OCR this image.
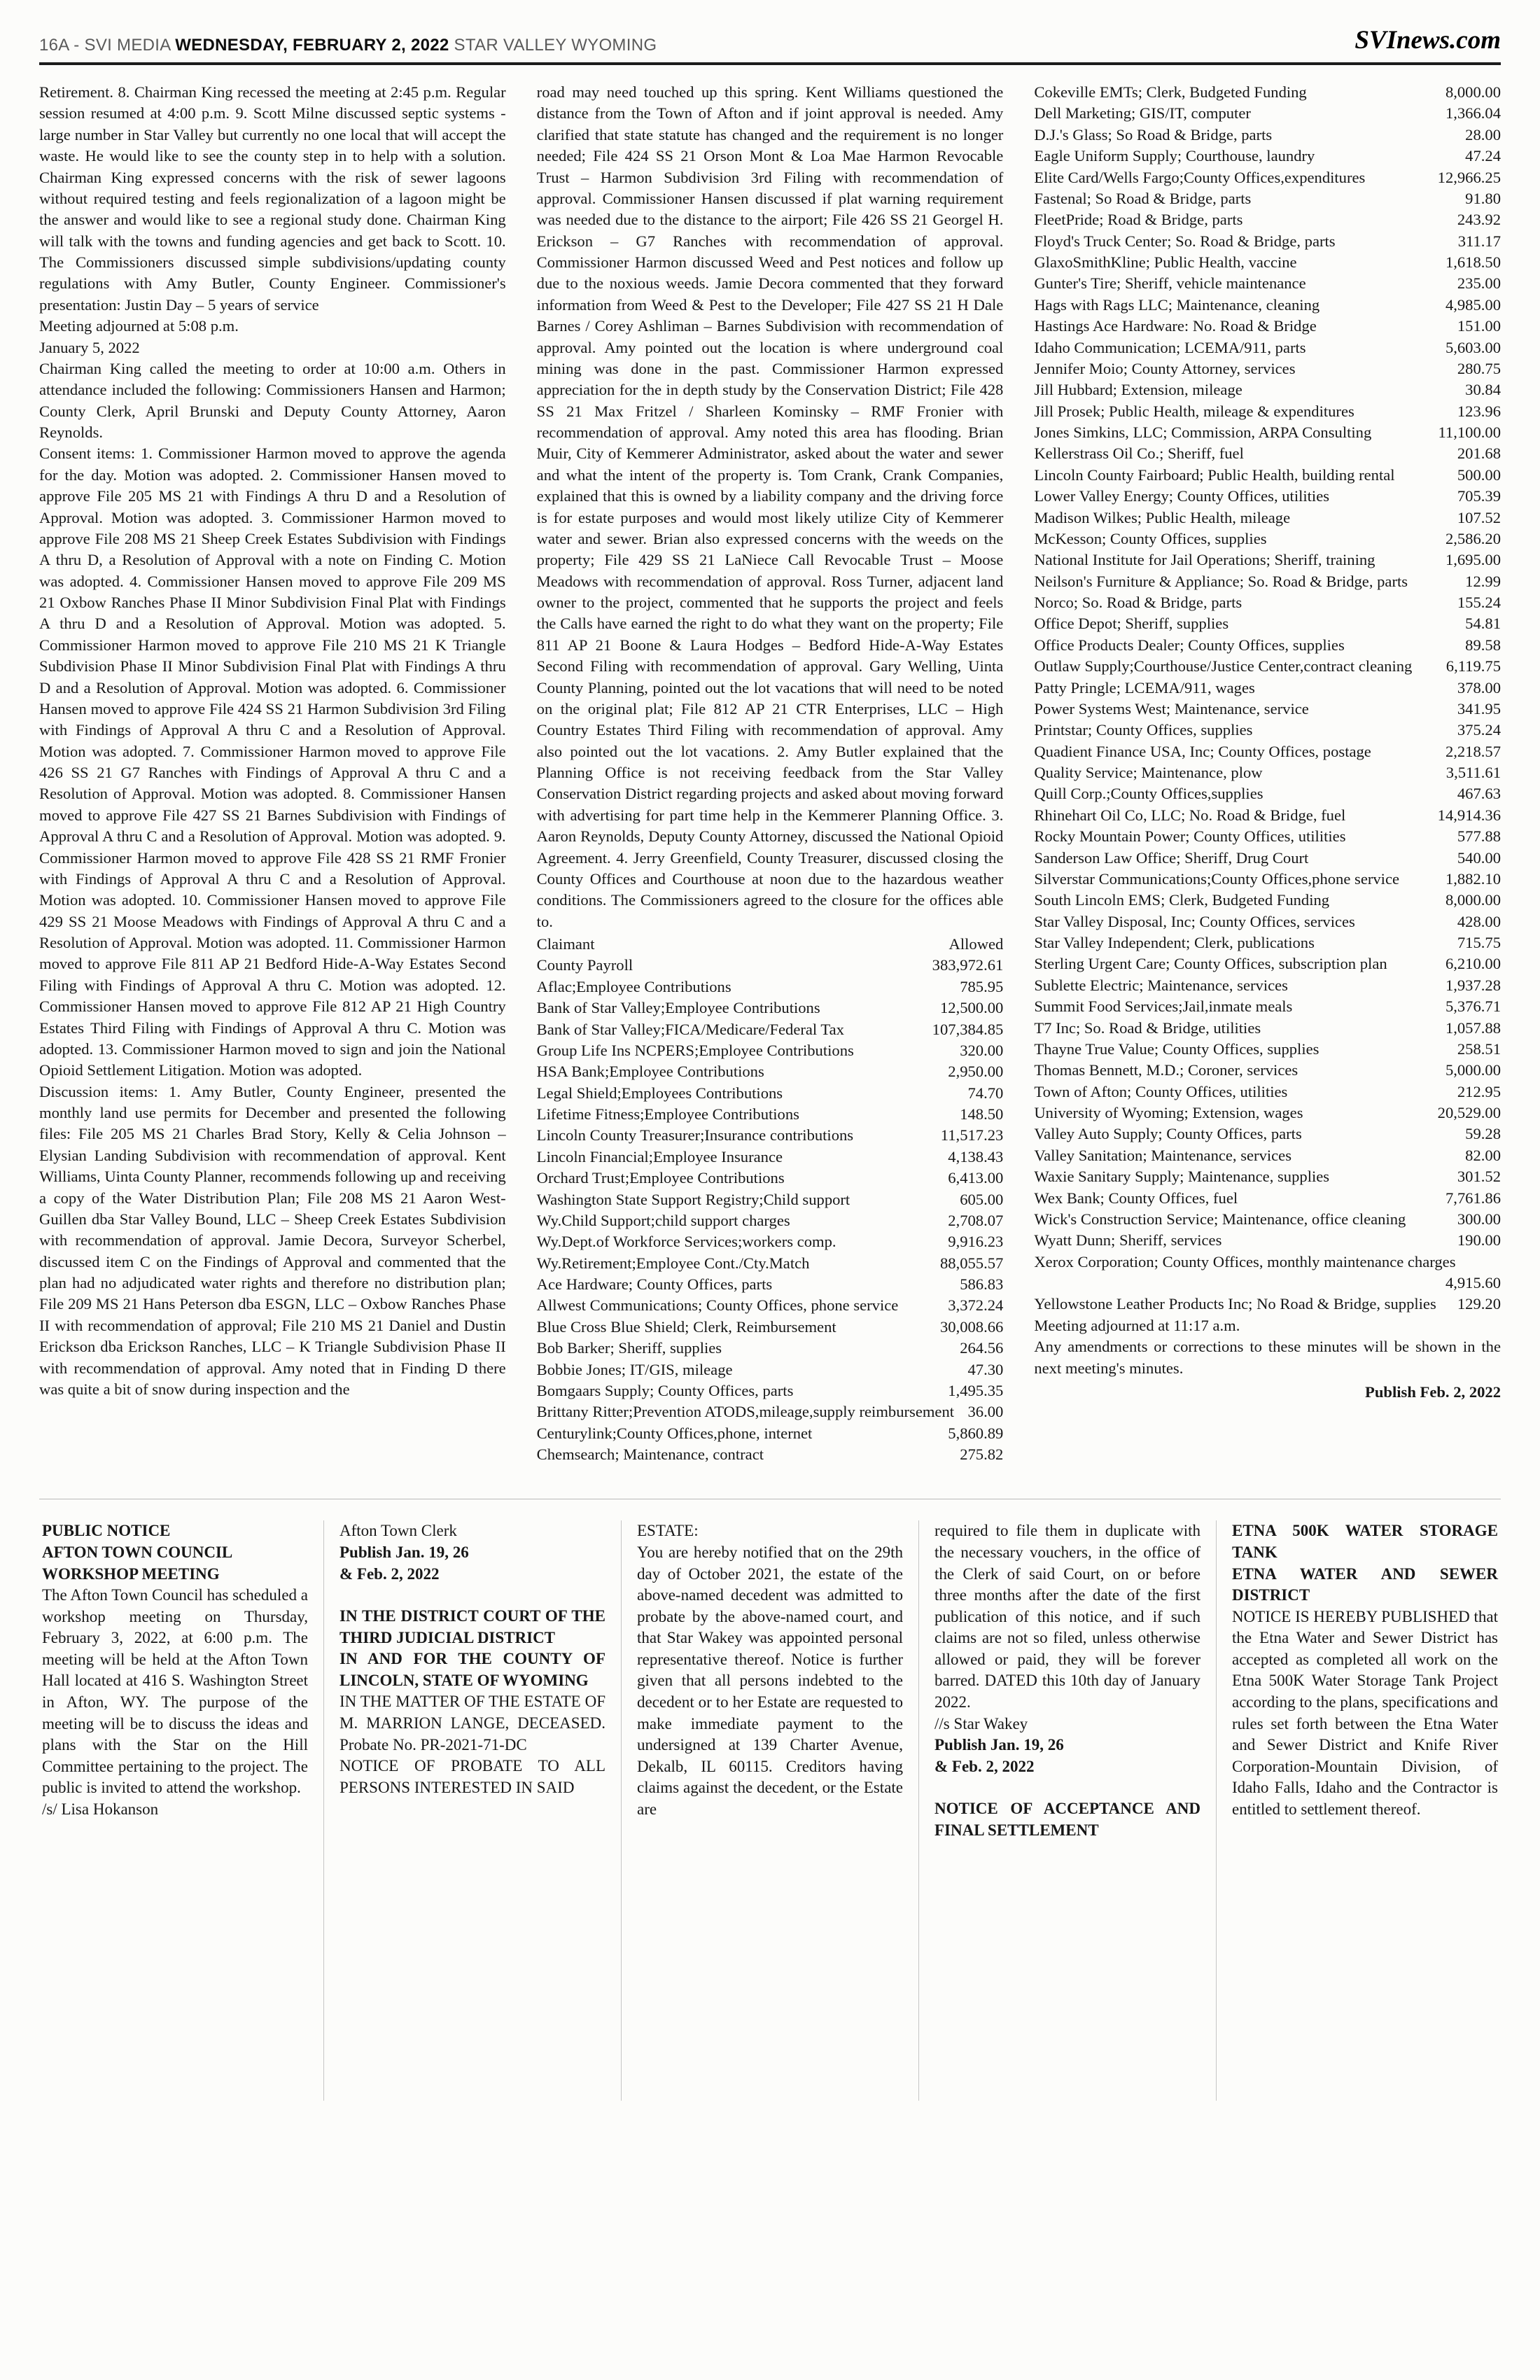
16A - SVI MEDIA WEDNESDAY, FEBRUARY 2, 2022 STAR VALLEY WYOMING	SVInews.com

Retirement. 8. Chairman King recessed the meeting at 2:45 p.m. Regular session resumed at 4:00 p.m. 9. Scott Milne discussed septic systems - large number in Star Valley but currently no one local that will accept the waste. He would like to see the county step in to help with a solution. Chairman King expressed concerns with the risk of sewer lagoons without required testing and feels regionalization of a lagoon might be the answer and would like to see a regional study done. Chairman King will talk with the towns and funding agencies and get back to Scott. 10. The Commissioners discussed simple subdivisions/updating county regulations with Amy Butler, County Engineer. Commissioner's presentation: Justin Day – 5 years of service

Meeting adjourned at 5:08 p.m.

January 5, 2022

Chairman King called the meeting to order at 10:00 a.m. Others in attendance included the following: Commissioners Hansen and Harmon; County Clerk, April Brunski and Deputy County Attorney, Aaron Reynolds.

Consent items: 1. Commissioner Harmon moved to approve the agenda for the day. Motion was adopted. 2. Commissioner Hansen moved to approve File 205 MS 21 with Findings A thru D and a Resolution of Approval. Motion was adopted. 3. Commissioner Harmon moved to approve File 208 MS 21 Sheep Creek Estates Subdivision with Findings A thru D, a Resolution of Approval with a note on Finding C. Motion was adopted. 4. Commissioner Hansen moved to approve File 209 MS 21 Oxbow Ranches Phase II Minor Subdivision Final Plat with Findings A thru D and a Resolution of Approval. Motion was adopted. 5. Commissioner Harmon moved to approve File 210 MS 21 K Triangle Subdivision Phase II Minor Subdivision Final Plat with Findings A thru D and a Resolution of Approval. Motion was adopted. 6. Commissioner Hansen moved to approve File 424 SS 21 Harmon Subdivision 3rd Filing with Findings of Approval A thru C and a Resolution of Approval. Motion was adopted. 7. Commissioner Harmon moved to approve File 426 SS 21 G7 Ranches with Findings of Approval A thru C and a Resolution of Approval. Motion was adopted. 8. Commissioner Hansen moved to approve File 427 SS 21 Barnes Subdivision with Findings of Approval A thru C and a Resolution of Approval. Motion was adopted. 9. Commissioner Harmon moved to approve File 428 SS 21 RMF Fronier with Findings of Approval A thru C and a Resolution of Approval. Motion was adopted. 10. Commissioner Hansen moved to approve File 429 SS 21 Moose Meadows with Findings of Approval A thru C and a Resolution of Approval. Motion was adopted. 11. Commissioner Harmon moved to approve File 811 AP 21 Bedford Hide-A-Way Estates Second Filing with Findings of Approval A thru C. Motion was adopted. 12. Commissioner Hansen moved to approve File 812 AP 21 High Country Estates Third Filing with Findings of Approval A thru C. Motion was adopted. 13. Commissioner Harmon moved to sign and join the National Opioid Settlement Litigation. Motion was adopted.

Discussion items: 1. Amy Butler, County Engineer, presented the monthly land use permits for December and presented the following files: File 205 MS 21 Charles Brad Story, Kelly & Celia Johnson – Elysian Landing Subdivision with recommendation of approval. Kent Williams, Uinta County Planner, recommends following up and receiving a copy of the Water Distribution Plan; File 208 MS 21 Aaron West-Guillen dba Star Valley Bound, LLC – Sheep Creek Estates Subdivision with recommendation of approval. Jamie Decora, Surveyor Scherbel, discussed item C on the Findings of Approval and commented that the plan had no adjudicated water rights and therefore no distribution plan; File 209 MS 21 Hans Peterson dba ESGN, LLC – Oxbow Ranches Phase II with recommendation of approval; File 210 MS 21 Daniel and Dustin Erickson dba Erickson Ranches, LLC – K Triangle Subdivision Phase II with recommendation of approval. Amy noted that in Finding D there was quite a bit of snow during inspection and the

road may need touched up this spring. Kent Williams questioned the distance from the Town of Afton and if joint approval is needed. Amy clarified that state statute has changed and the requirement is no longer needed; File 424 SS 21 Orson Mont & Loa Mae Harmon Revocable Trust – Harmon Subdivision 3rd Filing with recommendation of approval. Commissioner Hansen discussed if plat warning requirement was needed due to the distance to the airport; File 426 SS 21 Georgel H. Erickson – G7 Ranches with recommendation of approval. Commissioner Harmon discussed Weed and Pest notices and follow up due to the noxious weeds. Jamie Decora commented that they forward information from Weed & Pest to the Developer; File 427 SS 21 H Dale Barnes / Corey Ashliman – Barnes Subdivision with recommendation of approval. Amy pointed out the location is where underground coal mining was done in the past. Commissioner Harmon expressed appreciation for the in depth study by the Conservation District; File 428 SS 21 Max Fritzel / Sharleen Kominsky – RMF Fronier with recommendation of approval. Amy noted this area has flooding. Brian Muir, City of Kemmerer Administrator, asked about the water and sewer and what the intent of the property is. Tom Crank, Crank Companies, explained that this is owned by a liability company and the driving force is for estate purposes and would most likely utilize City of Kemmerer water and sewer. Brian also expressed concerns with the weeds on the property; File 429 SS 21 LaNiece Call Revocable Trust – Moose Meadows with recommendation of approval. Ross Turner, adjacent land owner to the project, commented that he supports the project and feels the Calls have earned the right to do what they want on the property; File 811 AP 21 Boone & Laura Hodges – Bedford Hide-A-Way Estates Second Filing with recommendation of approval. Gary Welling, Uinta County Planning, pointed out the lot vacations that will need to be noted on the original plat; File 812 AP 21 CTR Enterprises, LLC – High Country Estates Third Filing with recommendation of approval. Amy also pointed out the lot vacations. 2. Amy Butler explained that the Planning Office is not receiving feedback from the Star Valley Conservation District regarding projects and asked about moving forward with advertising for part time help in the Kemmerer Planning Office. 3. Aaron Reynolds, Deputy County Attorney, discussed the National Opioid Agreement. 4. Jerry Greenfield, County Treasurer, discussed closing the County Offices and Courthouse at noon due to the hazardous weather conditions. The Commissioners agreed to the closure for the offices able to.

Claimant	Allowed
County Payroll	383,972.61
Aflac;Employee Contributions	785.95
Bank of Star Valley;Employee Contributions	12,500.00
Bank of Star Valley;FICA/Medicare/Federal Tax	107,384.85
Group Life Ins NCPERS;Employee Contributions	320.00
HSA Bank;Employee Contributions	2,950.00
Legal Shield;Employees Contributions	74.70
Lifetime Fitness;Employee Contributions	148.50
Lincoln County Treasurer;Insurance contributions	11,517.23
Lincoln Financial;Employee Insurance	4,138.43
Orchard Trust;Employee Contributions	6,413.00
Washington State Support Registry;Child support	605.00
Wy.Child Support;child support charges	2,708.07
Wy.Dept.of Workforce Services;workers comp.	9,916.23
Wy.Retirement;Employee Cont./Cty.Match	88,055.57
Ace Hardware; County Offices, parts	586.83
Allwest Communications; County Offices, phone service	3,372.24
Blue Cross Blue Shield; Clerk, Reimbursement	30,008.66
Bob Barker; Sheriff, supplies	264.56
Bobbie Jones; IT/GIS, mileage	47.30
Bomgaars Supply; County Offices, parts	1,495.35
Brittany Ritter;Prevention ATODS,mileage,supply reimbursement 36.00
Centurylink;County Offices,phone, internet	5,860.89
Chemsearch; Maintenance, contract	275.82
Cokeville EMTs; Clerk, Budgeted Funding	8,000.00
Dell Marketing; GIS/IT, computer	1,366.04
D.J.'s Glass; So Road & Bridge, parts	28.00
Eagle Uniform Supply; Courthouse, laundry	47.24
Elite Card/Wells Fargo;County Offices,expenditures	12,966.25
Fastenal; So Road & Bridge, parts	91.80
FleetPride; Road & Bridge, parts	243.92
Floyd's Truck Center; So. Road & Bridge, parts	311.17
GlaxoSmithKline; Public Health, vaccine	1,618.50
Gunter's Tire; Sheriff, vehicle maintenance	235.00
Hags with Rags LLC; Maintenance, cleaning	4,985.00
Hastings Ace Hardware: No. Road & Bridge	151.00
Idaho Communication; LCEMA/911, parts	5,603.00
Jennifer Moio; County Attorney, services	280.75
Jill Hubbard; Extension, mileage	30.84
Jill Prosek; Public Health, mileage & expenditures	123.96
Jones Simkins, LLC; Commission, ARPA Consulting	11,100.00
Kellerstrass Oil Co.; Sheriff, fuel	201.68
Lincoln County Fairboard; Public Health, building rental	500.00
Lower Valley Energy; County Offices, utilities	705.39
Madison Wilkes; Public Health, mileage	107.52
McKesson; County Offices, supplies	2,586.20
National Institute for Jail Operations; Sheriff, training	1,695.00
Neilson's Furniture & Appliance; So. Road & Bridge, parts	12.99
Norco; So. Road & Bridge, parts	155.24
Office Depot; Sheriff, supplies	54.81
Office Products Dealer; County Offices, supplies	89.58
Outlaw Supply;Courthouse/Justice Center,contract cleaning 6,119.75
Patty Pringle; LCEMA/911, wages	378.00
Power Systems West; Maintenance, service	341.95
Printstar; County Offices, supplies	375.24
Quadient Finance USA, Inc; County Offices, postage	2,218.57
Quality Service; Maintenance, plow	3,511.61
Quill Corp.;County Offices,supplies	467.63
Rhinehart Oil Co, LLC; No. Road & Bridge, fuel	14,914.36
Rocky Mountain Power; County Offices, utilities	577.88
Sanderson Law Office; Sheriff, Drug Court	540.00
Silverstar Communications;County Offices,phone service	1,882.10
South Lincoln EMS; Clerk, Budgeted Funding	8,000.00
Star Valley Disposal, Inc; County Offices, services	428.00
Star Valley Independent; Clerk, publications	715.75
Sterling Urgent Care; County Offices, subscription plan	6,210.00
Sublette Electric; Maintenance, services	1,937.28
Summit Food Services;Jail,inmate meals	5,376.71
T7 Inc; So. Road & Bridge, utilities	1,057.88
Thayne True Value; County Offices, supplies	258.51
Thomas Bennett, M.D.; Coroner, services	5,000.00
Town of Afton; County Offices, utilities	212.95
University of Wyoming; Extension, wages	20,529.00
Valley Auto Supply; County Offices, parts	59.28
Valley Sanitation; Maintenance, services	82.00
Waxie Sanitary Supply; Maintenance, supplies	301.52
Wex Bank; County Offices, fuel	7,761.86
Wick's Construction Service; Maintenance, office cleaning	300.00
Wyatt Dunn; Sheriff, services	190.00
Xerox Corporation; County Offices, monthly maintenance charges
4,915.60
Yellowstone Leather Products Inc; No Road & Bridge, supplies 129.20

Meeting adjourned at 11:17 a.m.

Any amendments or corrections to these minutes will be shown in the next meeting's minutes.

Publish Feb. 2, 2022

PUBLIC NOTICE

AFTON TOWN COUNCIL

WORKSHOP MEETING

The Afton Town Council has scheduled a workshop meeting on Thursday, February 3, 2022, at 6:00 p.m. The meeting will be held at the Afton Town Hall located at 416 S. Washington Street in Afton, WY. The purpose of the meeting will be to discuss the ideas and plans with the Star on the Hill Committee pertaining to the project. The public is invited to attend the workshop.

/s/ Lisa Hokanson

Afton Town Clerk

Publish Jan. 19, 26

& Feb. 2, 2022

IN THE DISTRICT COURT OF THE THIRD JUDICIAL DISTRICT

IN AND FOR THE COUNTY OF LINCOLN, STATE OF WYOMING

IN THE MATTER OF THE ESTATE OF M. MARRION LANGE, DECEASED. Probate No. PR-2021-71-DC

NOTICE OF PROBATE TO ALL PERSONS INTERESTED IN SAID

ESTATE:

You are hereby notified that on the 29th day of October 2021, the estate of the above-named decedent was admitted to probate by the above-named court, and that Star Wakey was appointed personal representative thereof. Notice is further given that all persons indebted to the decedent or to her Estate are requested to make immediate payment to the undersigned at 139 Charter Avenue, Dekalb, IL 60115. Creditors having claims against the decedent, or the Estate are

required to file them in duplicate with the necessary vouchers, in the office of the Clerk of said Court, on or before three months after the date of the first publication of this notice, and if such claims are not so filed, unless otherwise allowed or paid, they will be forever barred. DATED this 10th day of January 2022.

//s Star Wakey

Publish Jan. 19, 26

& Feb. 2, 2022

NOTICE OF ACCEPTANCE AND FINAL SETTLEMENT

ETNA 500K WATER STORAGE TANK

ETNA WATER AND SEWER DISTRICT

NOTICE IS HEREBY PUBLISHED that the Etna Water and Sewer District has accepted as completed all work on the Etna 500K Water Storage Tank Project according to the plans, specifications and rules set forth between the Etna Water and Sewer District and Knife River Corporation-Mountain Division, of Idaho Falls, Idaho and the Contractor is entitled to settlement thereof.
